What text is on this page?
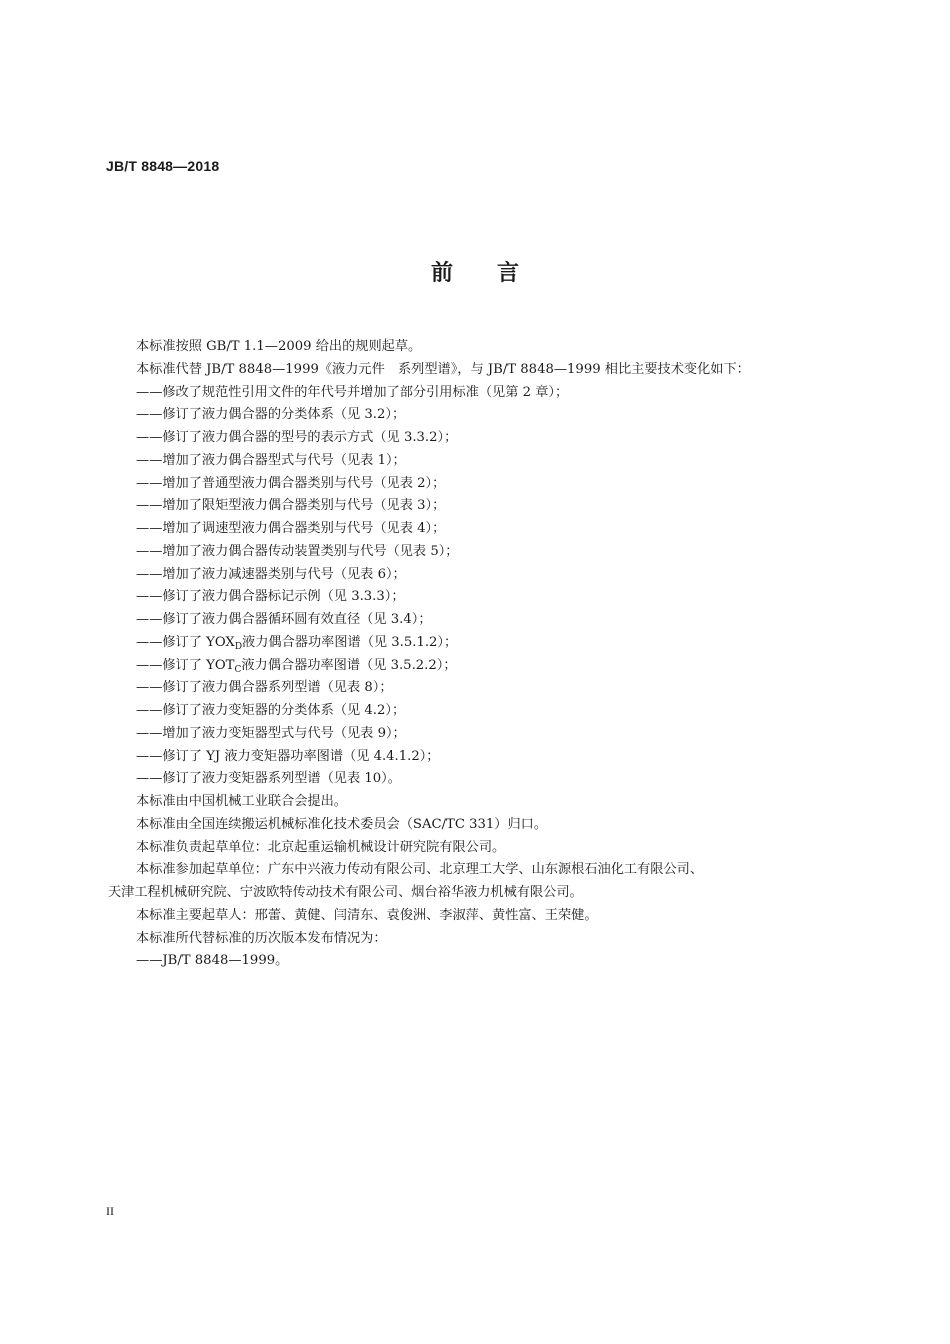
JB/T 8848—2018
前言
本标准按照 GB/T 1.1—2009 给出的规则起草。
本标准代替 JB/T 8848—1999《液力元件　系列型谱》，与 JB/T 8848—1999 相比主要技术变化如下：
——修改了规范性引用文件的年代号并增加了部分引用标准（见第 2 章）；
——修订了液力偶合器的分类体系（见 3.2）；
——修订了液力偶合器的型号的表示方式（见 3.3.2）；
——增加了液力偶合器型式与代号（见表 1）；
——增加了普通型液力偶合器类别与代号（见表 2）；
——增加了限矩型液力偶合器类别与代号（见表 3）；
——增加了调速型液力偶合器类别与代号（见表 4）；
——增加了液力偶合器传动装置类别与代号（见表 5）；
——增加了液力减速器类别与代号（见表 6）；
——修订了液力偶合器标记示例（见 3.3.3）；
——修订了液力偶合器循环圆有效直径（见 3.4）；
——修订了 $YOX_D$液力偶合器功率图谱（见 3.5.1.2）；
——修订了 $YOT_C$液力偶合器功率图谱（见 3.5.2.2）；
——修订了液力偶合器系列型谱（见表 8）；
——修订了液力变矩器的分类体系（见 4.2）；
——增加了液力变矩器型式与代号（见表 9）；
——修订了 YJ 液力变矩器功率图谱（见 4.4.1.2）；
——修订了液力变矩器系列型谱（见表 10）。
本标准由中国机械工业联合会提出。
本标准由全国连续搬运机械标准化技术委员会（SAC/TC 331）归口。
本标准负责起草单位：北京起重运输机械设计研究院有限公司。
本标准参加起草单位：广东中兴液力传动有限公司、北京理工大学、山东源根石油化工有限公司、
天津工程机械研究院、宁波欧特传动技术有限公司、烟台裕华液力机械有限公司。
本标准主要起草人：邢蕾、黄健、闫清东、袁俊洲、李淑萍、黄性富、王荣健。
本标准所代替标准的历次版本发布情况为：
——JB/T 8848—1999。
II
